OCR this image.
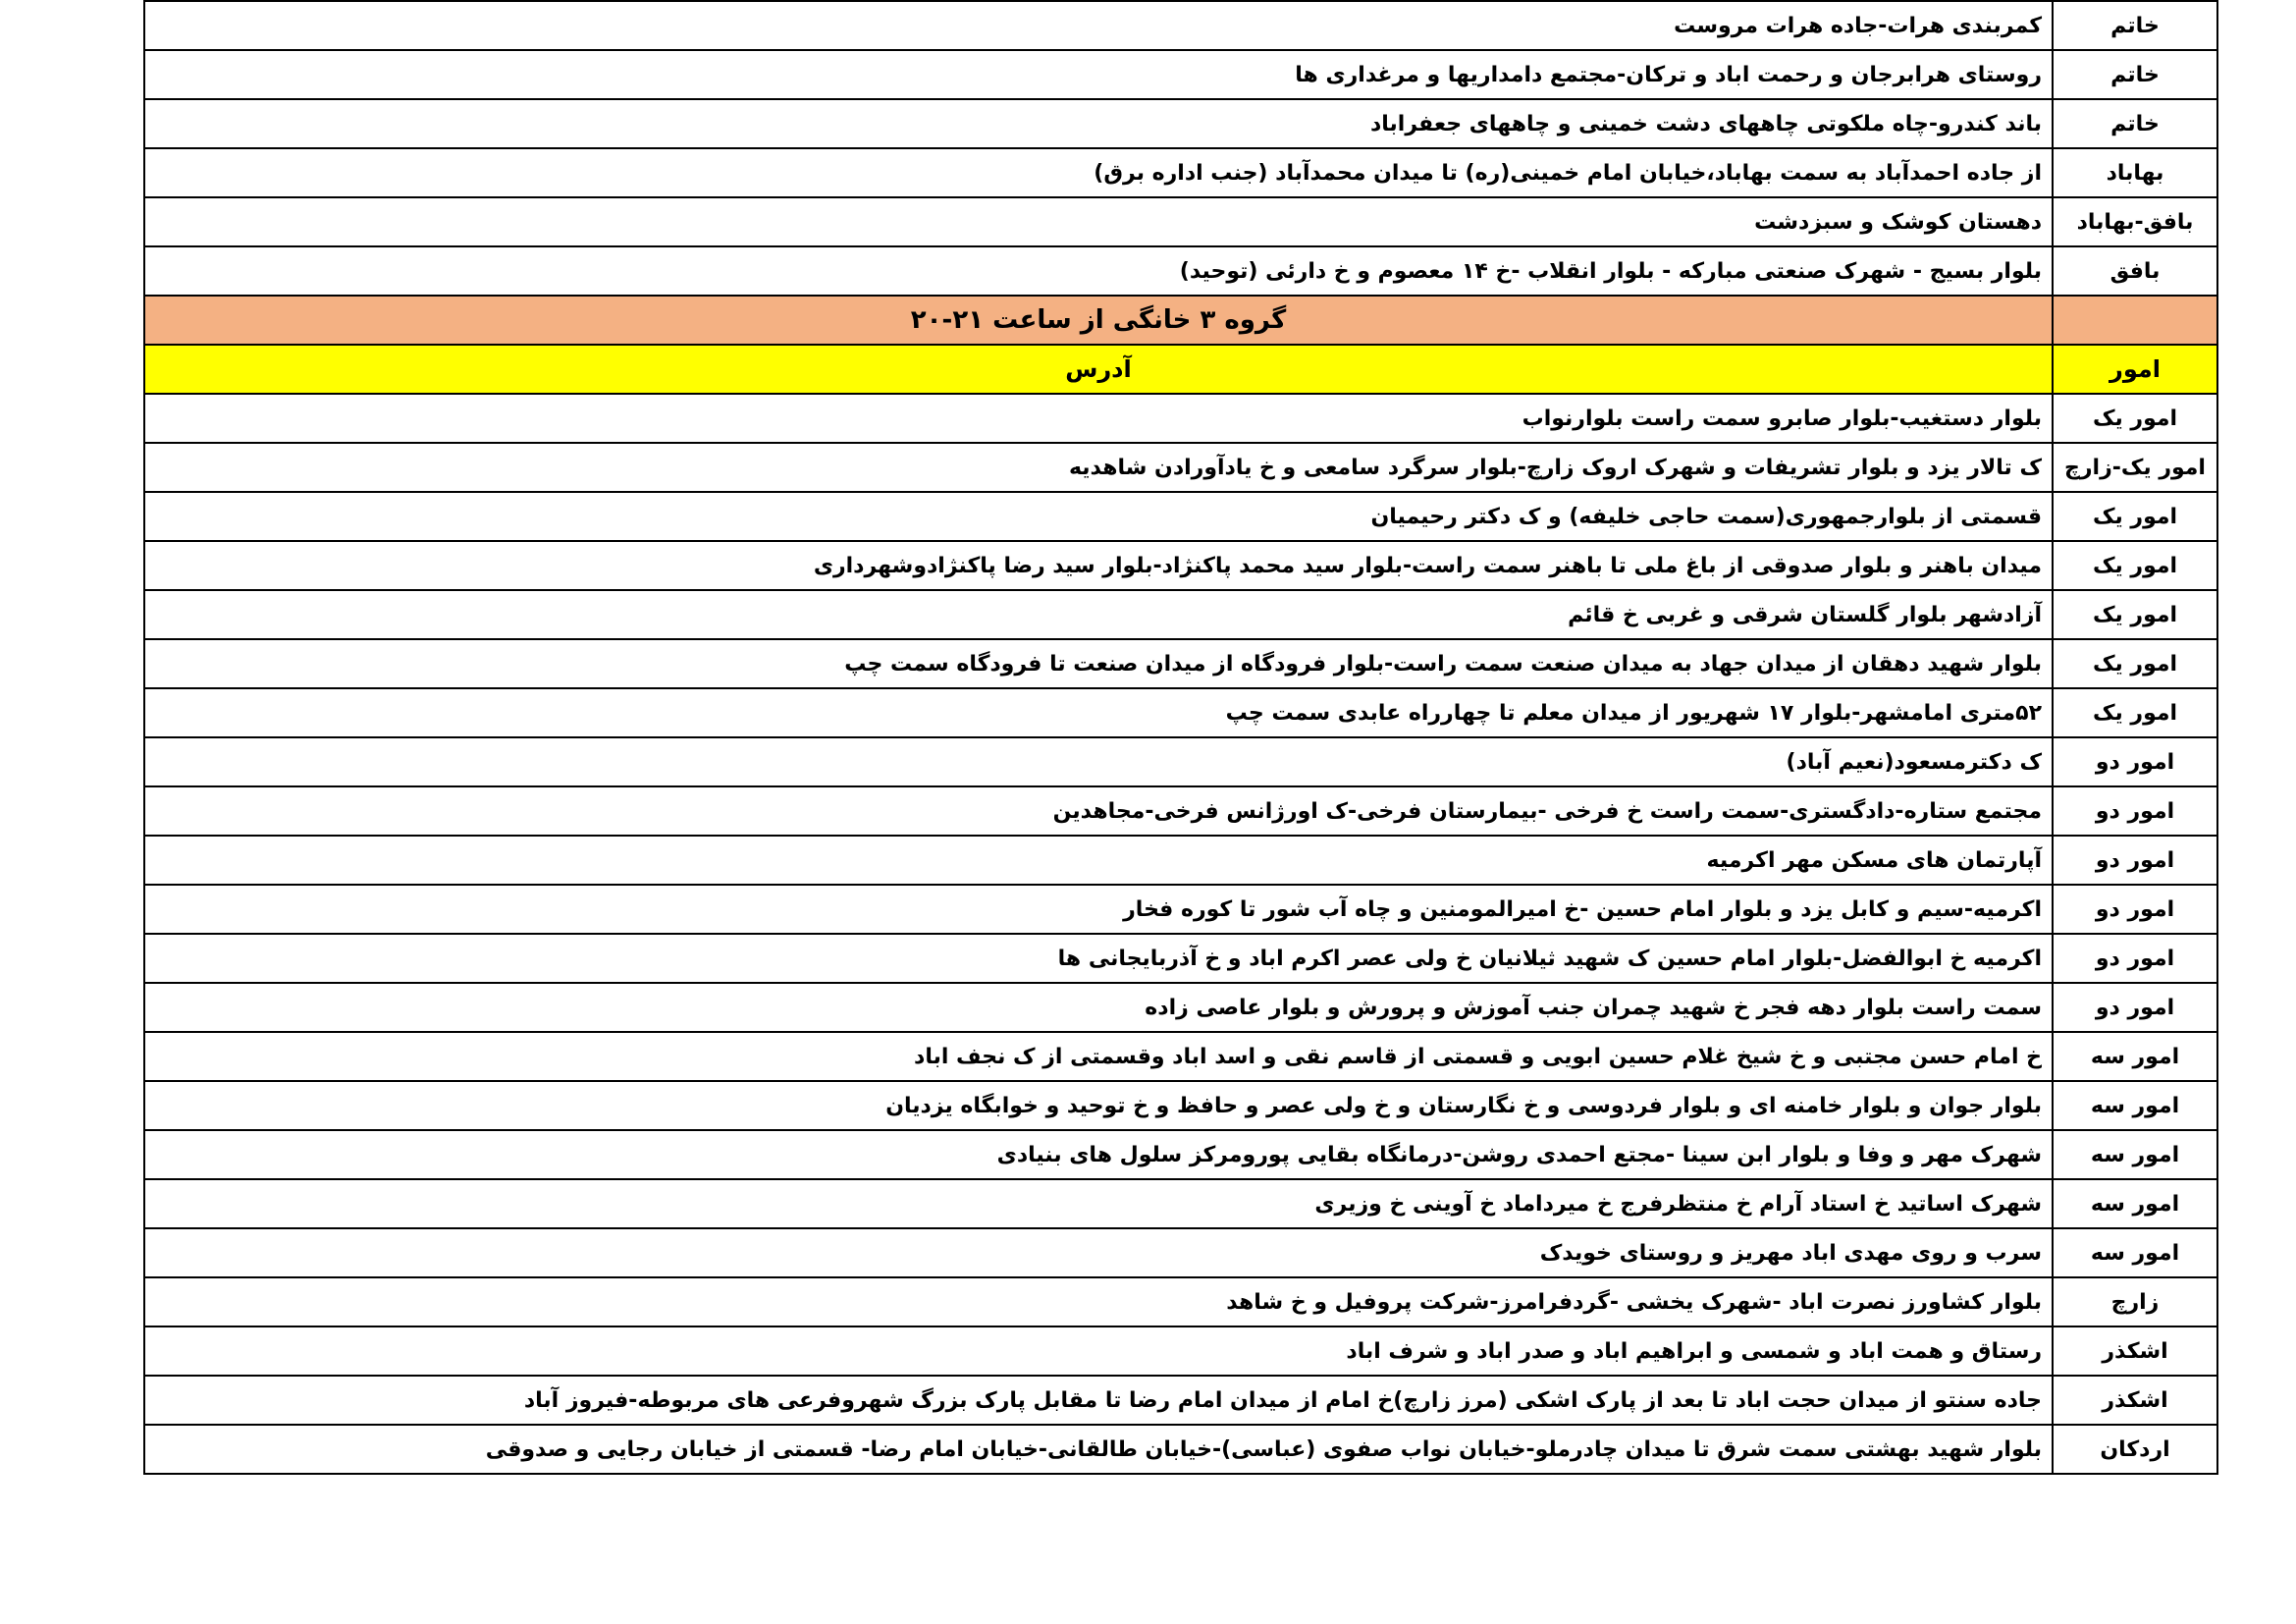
خاتم	کمربندی هرات-جاده هرات مروست
خاتم	روستای هرابرجان و رحمت اباد و ترکان-مجتمع دامداریها و مرغداری ها
خاتم	باند کندرو-چاه ملکوتی چاههای دشت خمینی و چاههای جعفراباد
بهاباد	از جاده احمدآباد به سمت بهاباد،خیابان امام خمینی(ره) تا میدان محمدآباد (جنب اداره برق)
بافق-بهاباد	دهستان کوشک و سبزدشت
بافق	بلوار بسیج - شهرک صنعتی مبارکه - بلوار انقلاب -خ ۱۴ معصوم و خ دارئی (توحید)
	گروه ۳ خانگی از ساعت ۲۱-۲۰
امور	آدرس
امور یک	بلوار دستغیب-بلوار صابرو سمت راست بلوارنواب
امور یک-زارچ	ک تالار یزد و بلوار تشریفات و شهرک اروک زارچ-بلوار سرگرد سامعی و خ یادآورادن شاهدیه
امور یک	قسمتی از بلوارجمهوری(سمت حاجی خلیفه) و ک دکتر رحیمیان
امور یک	میدان باهنر و بلوار صدوقی از باغ ملی تا باهنر سمت راست-بلوار سید محمد پاکنژاد-بلوار سید رضا پاکنژادوشهرداری
امور یک	آزادشهر بلوار گلستان شرقی و غربی خ قائم
امور یک	بلوار شهید دهقان از میدان جهاد به میدان صنعت سمت راست-بلوار فرودگاه از میدان صنعت تا فرودگاه سمت چپ
امور یک	۵۲متری امامشهر-بلوار ۱۷ شهریور از میدان معلم تا چهارراه عابدی سمت چپ
امور دو	ک دکترمسعود(نعیم آباد)
امور دو	مجتمع ستاره-دادگستری-سمت راست خ فرخی -بیمارستان فرخی-ک اورژانس فرخی-مجاهدین
امور دو	آپارتمان های مسکن مهر اکرمیه
امور دو	اکرمیه-سیم و کابل یزد و بلوار امام حسین -خ امیرالمومنین و چاه آب شور تا کوره فخار
امور دو	اکرمیه خ ابوالفضل-بلوار امام حسین ک شهید ثیلانیان خ ولی عصر اکرم اباد و خ آذربایجانی ها
امور دو	سمت راست بلوار دهه فجر خ شهید چمران جنب آموزش و پرورش و بلوار عاصی زاده
امور سه	خ امام حسن مجتبی و خ شیخ غلام حسین ابویی و قسمتی از قاسم نقی و اسد اباد وقسمتی از ک نجف اباد
امور سه	بلوار جوان و بلوار خامنه ای و بلوار فردوسی و خ نگارستان و خ ولی عصر و حافظ و خ توحید و خوابگاه یزدیان
امور سه	شهرک مهر و وفا و بلوار ابن سینا -مجتع احمدی روشن-درمانگاه بقایی پورومرکز سلول های بنیادی
امور سه	شهرک اساتید خ استاد آرام خ منتظرفرج خ میرداماد خ آوینی خ وزیری
امور سه	سرب و روی مهدی اباد مهریز و روستای خویدک
زارچ	بلوار کشاورز نصرت اباد -شهرک یخشی -گردفرامرز-شرکت پروفیل و خ شاهد
اشکذر	رستاق و همت اباد و شمسی و ابراهیم اباد و صدر اباد و شرف اباد
اشکذر	جاده سنتو از میدان حجت اباد تا بعد از پارک اشکی (مرز زارچ)خ امام از میدان امام رضا تا مقابل پارک بزرگ شهروفرعی های مربوطه-فیروز آباد
اردکان	بلوار شهید بهشتی سمت شرق تا میدان چادرملو-خیابان نواب صفوی (عباسی)-خیابان طالقانی-خیابان امام رضا- قسمتی از خیابان رجایی و صدوقی
